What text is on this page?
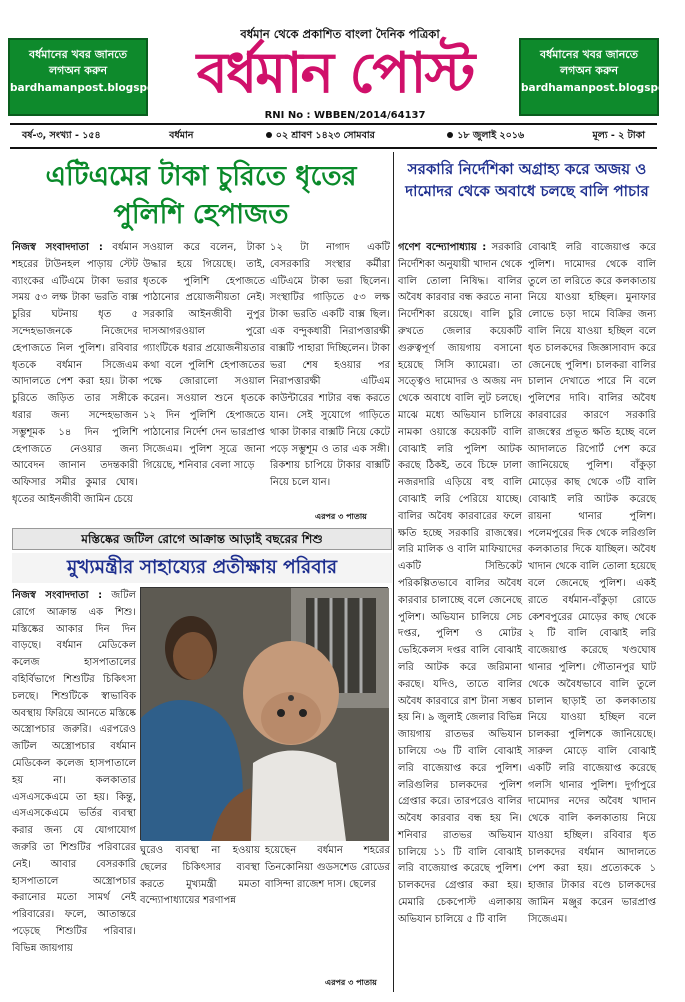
বর্ধমানের খবর জানতে
লগঅন করুন
bardhamanpost.blogspot.in
বর্ধমানের খবর জানতে
লগঅন করুন
bardhamanpost.blogspot.in
বর্ধমান থেকে প্রকাশিত বাংলা দৈনিক পত্রিকা
বর্ধমান পোস্ট
RNI No : WBBEN/2014/64137
বর্ষ-৩, সংখ্যা - ১৫৪	বর্ধমান	০২ শ্রাবণ ১৪২৩ সোমবার	১৮ জুলাই ২০১৬	মূল্য - ২ টাকা
এটিএমের টাকা চুরিতে ধৃতের পুলিশি হেপাজত
নিজস্ব সংবাদদাতা : বর্ধমান শহরের টাউনহল পাড়ায় স্টেট ব্যাংকের এটিএমে টাকা ভরার সময় ৫৩ লক্ষ টাকা ভরতি বাক্স চুরির ঘটনায় ধৃত ৫ সন্দেহভাজনকে নিজেদের হেপাজতে নিল পুলিশ। রবিবার ধৃতকে বর্ধমান সিজেএম আদালতে পেশ করা হয়। টাকা চুরিতে জড়িত তার সঙ্গীকে ধরার জন্য সন্দেহভাজন সম্ভুশূমক ১৪ দিন পুলিশি হেপাজতে নেওয়ার জন্য আবেদন জানান তদন্তকারী অফিসার সমীর কুমার ঘোষ। ধৃতের আইনজীবী জামিন চেয়ে
সওয়াল করে বলেন, টাকা উদ্ধার হয়ে গিয়েছে। তাই, ধৃতকে পুলিশি হেপাজতে পাঠানোর প্রয়োজনীয়তা নেই। সরকারি আইনজীবী নুপুর দাসআগরওয়াল পুরো গ্যাংটিকে ধরার প্রয়োজনীয়তার কথা বলে পুলিশি হেপাজতের পক্ষে জোরালো সওয়াল করেন। সওয়াল শুনে ধৃতকে ১২ দিন পুলিশি হেপাজতে পাঠানোর নির্দেশ দেন ভারপ্রাপ্ত সিজেএম। পুলিশ সূত্রে জানা গিয়েছে, শনিবার বেলা সাড়ে
১২ টা নাগাদ একটি বেসরকারি সংস্থার কর্মীরা এটিএমে টাকা ভরা ছিলেন। সংস্থাটির গাড়িতে ৫৩ লক্ষ টাকা ভরতি একটি বাক্স ছিল। এক বন্দুকধারী নিরাপত্তারক্ষী বাক্সটি পাহারা দিচ্ছিলেন। টাকা ভরা শেষ হওয়ার পর নিরাপত্তারক্ষী এটিএম কাউন্টারের শাটার বন্ধ করতে যান। সেই সুযোগে গাড়িতে থাকা টাকার বাক্সটি নিয়ে কেটে পড়ে সম্ভুশূম ও তার এক সঙ্গী। রিকশায় চাপিয়ে টাকার বাক্সটি নিয়ে চলে যান।
এরপর ৩ পাতায়
মস্তিষ্কের জটিল রোগে আক্রান্ত আড়াই বছরের শিশু
মুখ্যমন্ত্রীর সাহায্যের প্রতীক্ষায় পরিবার
নিজস্ব সংবাদদাতা : জটিল রোগে আক্রান্ত এক শিশু। মস্তিষ্কের আকার দিন দিন বাড়ছে। বর্ধমান মেডিকেল কলেজ হাসপাতালের বহির্বিভাগে শিশুটির চিকিৎসা চলছে। শিশুটিকে স্বাভাবিক অবস্থায় ফিরিয়ে আনতে মস্তিষ্কে অস্ত্রোপচার জরুরি। এরপরেও জটিল অস্ত্রোপচার বর্ধমান মেডিকেল কলেজ হাসপাতালে হয় না। কলকাতার এসএসকেএমে তা হয়। কিন্তু, এসএসকেএমে ভর্তির ব্যবস্থা করার জন্য যে যোগাযোগ জরুরি তা শিশুটির পরিবারের নেই। আবার বেসরকারি হাসপাতালে অস্ত্রোপচার করানোর মতো সামর্থ নেই পরিবারের। ফলে, আতান্তরে পড়েছে শিশুটির পরিবার। বিভিন্ন জায়গায়
ঘুরেও ব্যবস্থা না হওয়ায় ছেলের চিকিৎসার ব্যবস্থা করতে মুখ্যমন্ত্রী মমতা বন্দ্যোপাধ্যায়ের শরণাপন্ন
হয়েছেন বর্ধমান শহরের তিনকোনিয়া গুডসশেড রোডের বাসিন্দা রাজেশ দাস। ছেলের
এরপর ৩ পাতায়
সরকারি নির্দেশিকা অগ্রাহ্য করে অজয় ও দামোদর থেকে অবাধে চলছে বালি পাচার
গণেশ বন্দ্যোপাধ্যায় : সরকারি নির্দেশিকা অনুযায়ী খাদান থেকে বালি তোলা নিষিদ্ধ। বালির অবৈধ কারবার বন্ধ করতে নানা নির্দেশিকা রয়েছে। বালি চুরি রুখতে জেলার কয়েকটি গুরুত্বপূর্ণ জায়গায় বসানো হয়েছে সিসি ক্যামেরা। তা সত্ত্বেও দামোদর ও অজয় নদ থেকে অবাধে বালি লুট চলছে। মাঝে মধ্যে অভিযান চালিয়ে নামকা ওয়াস্তে কয়েকটি বালি বোঝাই লরি পুলিশ আটক করছে ঠিকই, তবে চিহ্নে ঢালা নজরদারি এড়িয়ে বহু বালি বোঝাই লরি পেরিয়ে যাচ্ছে। বালির অবৈধ কারবারের ফলে ক্ষতি হচ্ছে সরকারি রাজস্বের। লরি মালিক ও বালি মাফিয়াদের একটি সিন্ডিকেট পরিকল্পিতভাবে বালির অবৈধ কারবার চালাচ্ছে বলে জেনেছে পুলিশ। অভিযান চালিয়ে সেচ দপ্তর, পুলিশ ও মোটর ভেহিকেলস দপ্তর বালি বোঝাই লরি আটক করে জরিমানা করছে। যদিও, তাতে বালির অবৈধ কারবারে রাশ টানা সম্ভব হয় নি। ৯ জুলাই জেলার বিভিন্ন জায়গায় রাতভর অভিযান চালিয়ে ৩৬ টি বালি বোঝাই লরি বাজেয়াপ্ত করে পুলিশ। লরিগুলির চালকদের পুলিশ গ্রেপ্তার করে। তারপরেও বালির অবৈধ কারবার বন্ধ হয় নি। শনিবার রাতভর অভিযান চালিয়ে ১১ টি বালি বোঝাই লরি বাজেয়াপ্ত করেছে পুলিশ। চালকদের গ্রেপ্তার করা হয়। মেমারি চেকপোস্ট এলাকায় অভিযান চালিয়ে ৫ টি বালি
বোঝাই লরি বাজেয়াপ্ত করে পুলিশ। দামোদর থেকে বালি তুলে তা লরিতে করে কলকাতায় নিয়ে যাওয়া হচ্ছিল। মুনাফার লোভে চড়া দামে বিক্রির জন্য বালি নিয়ে যাওয়া হচ্ছিল বলে ধৃত চালকদের জিজ্ঞাসাবাদ করে জেনেছে পুলিশ। চালকরা বালির চালান দেখাতে পারে নি বলে পুলিশের দাবি। বালির অবৈধ কারবারের কারণে সরকারি রাজস্বের প্রভূত ক্ষতি হচ্ছে বলে আদালতে রিপোর্ট পেশ করে জানিয়েছে পুলিশ। বাঁকুড়া মোড়ের কাছ থেকে ৩টি বালি বোঝাই লরি আটক করেছে রায়না থানার পুলিশ। পলেমপুরের দিক থেকে লরিগুলি কলকাতার দিকে যাচ্ছিল। অবৈধ খাদান থেকে বালি তোলা হয়েছে বলে জেনেছে পুলিশ। একই রাতে বর্ধমান-বাঁকুড়া রোডে কেশবপুরের মোড়ের কাছ থেকে ২ টি বালি বোঝাই লরি বাজেয়াপ্ত করেছে খণ্ডঘোষ থানার পুলিশ। গৌতানপুর ঘাট থেকে অবৈধভাবে বালি তুলে চালান ছাড়াই তা কলকাতায় নিয়ে যাওয়া হচ্ছিল বলে চালকরা পুলিশকে জানিয়েছে। সারুল মোড়ে বালি বোঝাই একটি লরি বাজেয়াপ্ত করেছে গলসি থানার পুলিশ। দুর্গাপুরে দামোদর নদের অবৈধ খাদান থেকে বালি কলকাতায় নিয়ে যাওয়া হচ্ছিল। রবিবার ধৃত চালকদের বর্ধমান আদালতে পেশ করা হয়। প্রত্যেককে ১ হাজার টাকার বণ্ডে চালকদের জামিন মঞ্জুর করেন ভারপ্রাপ্ত সিজেএম।
